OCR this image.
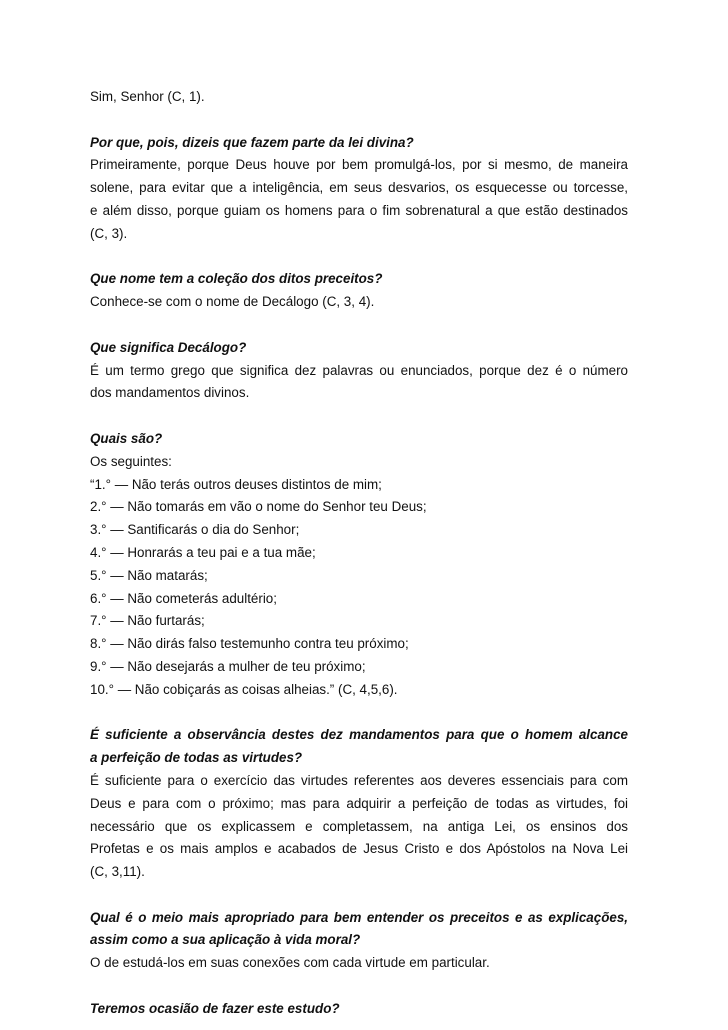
Sim, Senhor (C, 1).
Por que, pois, dizeis que fazem parte da lei divina?
Primeiramente, porque Deus houve por bem promulgá-los, por si mesmo, de maneira
solene, para evitar que a inteligência, em seus desvarios, os esquecesse ou torcesse,
e além disso, porque guiam os homens para o fim sobrenatural a que estão destinados
(C, 3).
Que nome tem a coleção dos ditos preceitos?
Conhece-se com o nome de Decálogo (C, 3, 4).
Que significa Decálogo?
É um termo grego que significa dez palavras ou enunciados, porque dez é o número
dos mandamentos divinos.
Quais são?
Os seguintes:
“1.° — Não terás outros deuses distintos de mim;
2.° — Não tomarás em vão o nome do Senhor teu Deus;
3.° — Santificarás o dia do Senhor;
4.° — Honrarás a teu pai e a tua mãe;
5.° — Não matarás;
6.° — Não cometerás adultério;
7.° — Não furtarás;
8.° — Não dirás falso testemunho contra teu próximo;
9.° — Não desejarás a mulher de teu próximo;
10.° — Não cobiçarás as coisas alheias.” (C, 4,5,6).
É suficiente a observância destes dez mandamentos para que o homem alcance
a perfeição de todas as virtudes?
É suficiente para o exercício das virtudes referentes aos deveres essenciais para com
Deus e para com o próximo; mas para adquirir a perfeição de todas as virtudes, foi
necessário que os explicassem e completassem, na antiga Lei, os ensinos dos
Profetas e os mais amplos e acabados de Jesus Cristo e dos Apóstolos na Nova Lei
(C, 3,11).
Qual é o meio mais apropriado para bem entender os preceitos e as explicações,
assim como a sua aplicação à vida moral?
O de estudá-los em suas conexões com cada virtude em particular.
Teremos ocasião de fazer este estudo?
